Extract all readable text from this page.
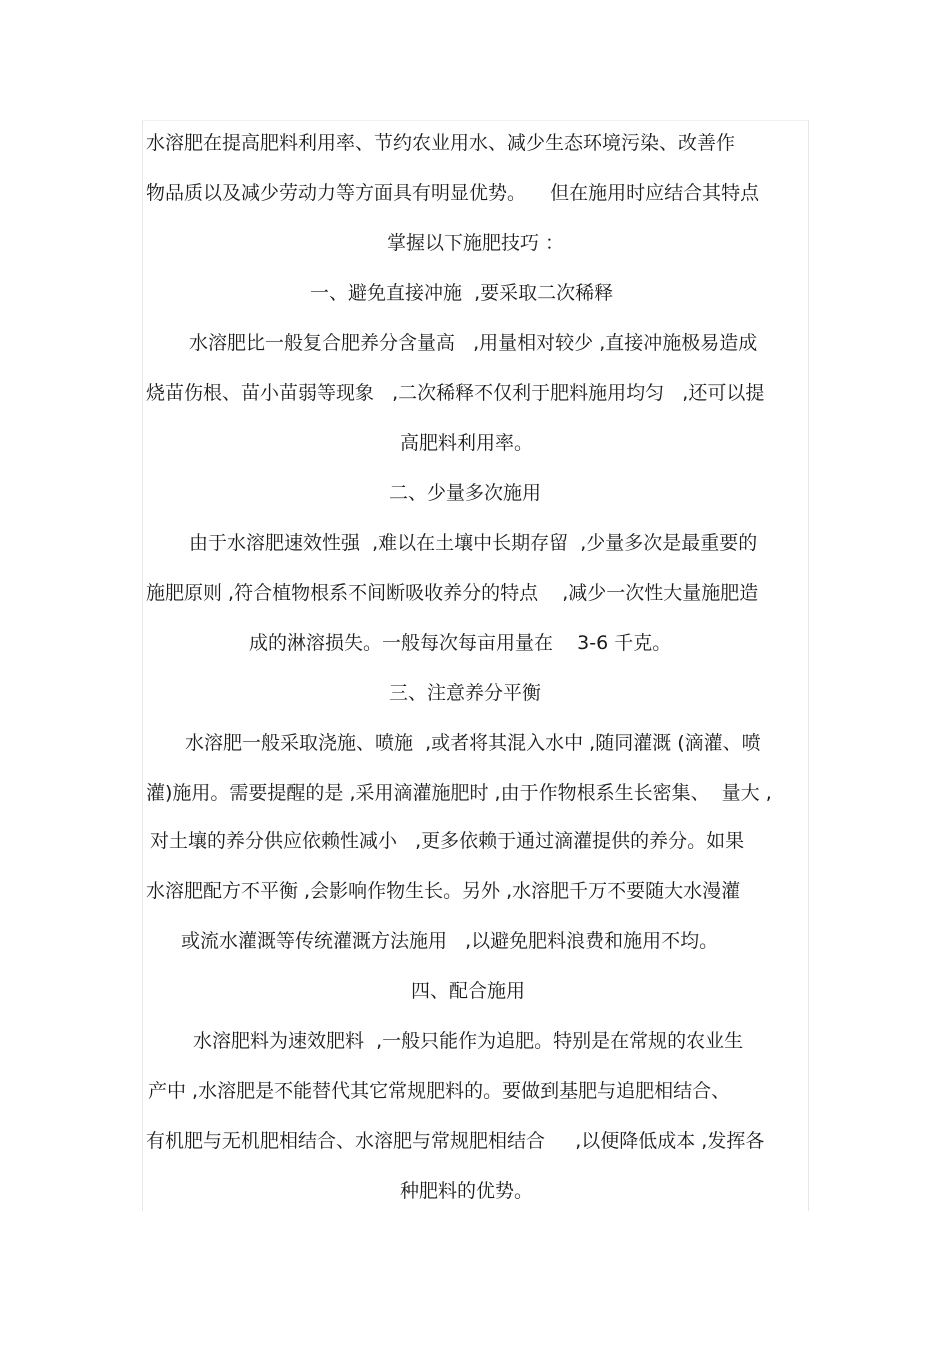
水溶肥在提高肥料利用率、节约农业用水、减少生态环境污染、改善作
物品质以及减少劳动力等方面具有明显优势。    但在施用时应结合其特点
掌握以下施肥技巧 ：
一、避免直接冲施  ,要采取二次稀释
水溶肥比一般复合肥养分含量高   ,用量相对较少 ,直接冲施极易造成
烧苗伤根、苗小苗弱等现象   ,二次稀释不仅利于肥料施用均匀   ,还可以提
高肥料利用率。
二、少量多次施用
由于水溶肥速效性强  ,难以在土壤中长期存留  ,少量多次是最重要的
施肥原则 ,符合植物根系不间断吸收养分的特点    ,减少一次性大量施肥造
成的淋溶损失。一般每次每亩用量在    3-6 千克。
三、注意养分平衡
水溶肥一般采取浇施、喷施  ,或者将其混入水中 ,随同灌溉 (滴灌、喷
灌)施用。需要提醒的是 ,采用滴灌施肥时 ,由于作物根系生长密集、  量大 ,
对土壤的养分供应依赖性减小   ,更多依赖于通过滴灌提供的养分。如果
水溶肥配方不平衡 ,会影响作物生长。另外 ,水溶肥千万不要随大水漫灌
或流水灌溉等传统灌溉方法施用   ,以避免肥料浪费和施用不均。
四、配合施用
水溶肥料为速效肥料  ,一般只能作为追肥。特别是在常规的农业生
产中 ,水溶肥是不能替代其它常规肥料的。要做到基肥与追肥相结合、
有机肥与无机肥相结合、水溶肥与常规肥相结合     ,以便降低成本 ,发挥各
种肥料的优势。
